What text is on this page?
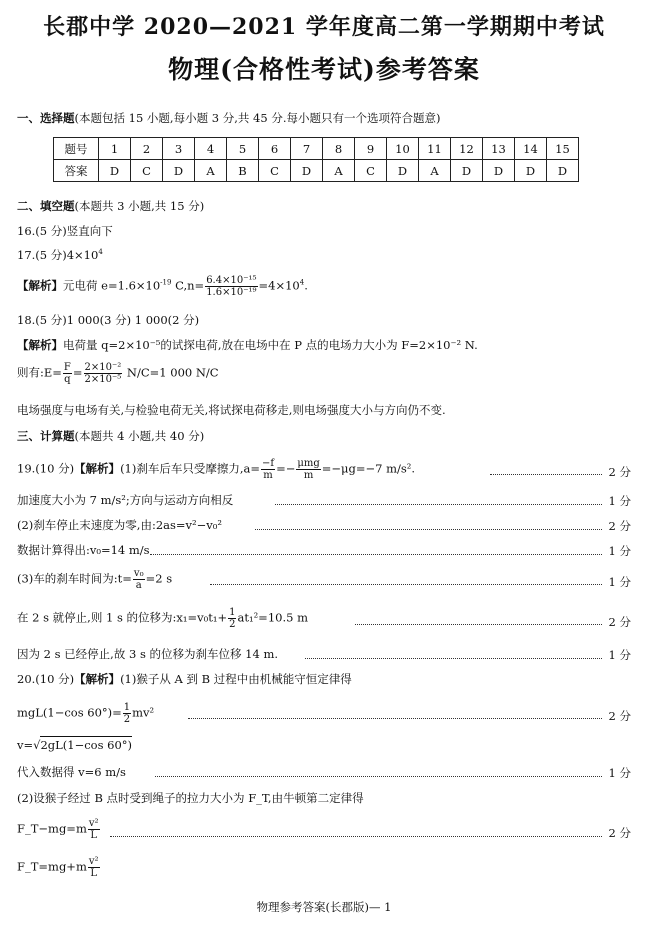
长郡中学 2020—2021 学年度高二第一学期期中考试
物理(合格性考试)参考答案
一、选择题(本题包括 15 小题,每小题 3 分,共 45 分.每小题只有一个选项符合题意)
题号	1	2	3	4	5	6	7	8	9	10	11	12	13	14	15
答案	D	C	D	A	B	C	D	A	C	D	A	D	D	D	D
二、填空题(本题共 3 小题,共 15 分)
16.(5 分)竖直向下
17.(5 分)$4\times 10^4$
【解析】元电荷 $e=1.6\times 10^{-19}$ $C,n= \frac{\text{6.4×10⁻¹⁵}}{\text{1.6×10⁻¹⁹}} =4\times 10^4$.
18.(5 分)1 000(3 分) 1 000(2 分)
【解析】电荷量 q=2×10⁻⁵的试探电荷,放在电场中在 P 点的电场力大小为 F=2×10⁻² N.
则有:E= $\frac{F}{q} = \frac{\text{2×10⁻²}}{\text{2×10⁻⁵}} N/C=1$ 000 N/C
电场强度与电场有关,与检验电荷无关,将试探电荷移走,则电场强度大小与方向仍不变.
三、计算题(本题共 4 小题,共 40 分)
19.(10 分)【解析】(1)刹车后车只受摩擦力$,a= \frac{-f}{m} =- \frac{\text{μmg}}{m} =-\mu g=-7$ m/s².	2 分
加速度大小为 7 m/s²;方向与运动方向相反	1 分
(2)刹车停止末速度为零,由:2as=v²−v₀²	2 分
数据计算得出:v₀=14 m/s	1 分
(3)车的刹车时间为:t= $\frac{\text{v₀}}{a} =2$ s	1 分
在 2 s 就停止,则 1 s 的位移为:x₁=v₀t₁+ $\frac{1}{2} at_1^2=10.5$ m	2 分
因为 2 s 已经停止,故 3 s 的位移为刹车位移 14 m.	1 分
20.(10 分)【解析】(1)猴子从 A 到 B 过程中由机械能守恒定律得
mgL(1−cos $60^\circ)= \frac{1}{2} mv^2$	2 分
v=√2gL(1−cos 60°)
代入数据得 v=6 m/s	1 分
(2)设猴子经过 B 点时受到绳子的拉力大小为 F_T,由牛顿第二定律得
F_T−mg=m $\frac{\text{v²}}{L}$	2 分
F_T=mg+m $\frac{\text{v²}}{L}$
物理参考答案(长郡版)— 1
